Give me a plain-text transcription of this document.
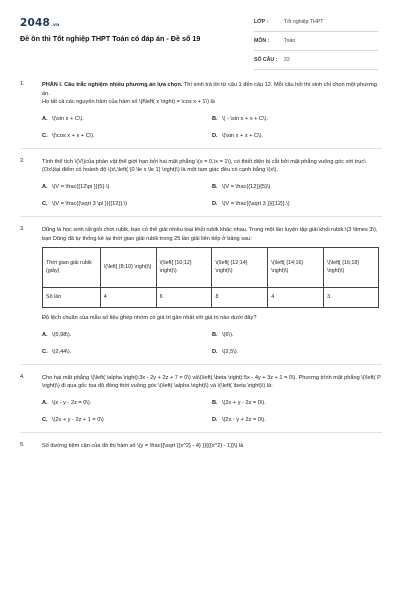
2048.vn
Đề ôn thi Tốt nghiệp THPT Toán có đáp án - Đề số 19
LỚP :	Tốt nghiệp THPT
MÔN :	Toán
SỐ CÂU :	22
1.	PHẦN I. Câu trắc nghiệm nhiều phương án lựa chọn. Thí sinh trả lời từ câu 1 đến câu 12. Mỗi câu hỏi thí sinh chỉ chọn một phương án.
Họ tất cả các nguyên hàm của hàm số \(f\left( x \right) = \cos x + 1\) là
A. \(\sin x + C\).	B. \( - \sin x + x + C\).
C. \(\cos x + x + C\).	D. \(\sin x + x + C\).
2.	Tính thể tích \(V\)của phần vật thể giới hạn bởi hai mặt phẳng \(x = 0,\x = 1\), có thiết diện bị cắt bởi mặt phẳng vuông góc với trục\(Ox\)tại điểm có hoành độ \(x\,\left( {0 \le x \le 1} \right)\) là một tam giác đều có cạnh bằng \(x\).
A. \(V = \frac{{12\pi }}{5}.\)	B. \(V = \frac{{12}}{5}\)
C. \(V = \frac{{\sqrt 3 \pi }}{{12}}.\)	D. \(V = \frac{{\sqrt 3 }}{{12}}.\)
3.	Dũng là học sinh rất giỏi chơi rubik, bạn có thể giải nhiều loại khối rubik khác nhau. Trong một lần luyện tập giải khối rubik \(3 \times 3\), bạn Dũng đã tự thống kê lại thời gian giải rubik trong 25 lần giải liên tiếp ở bảng sau:
Thời gian giải rubik (giây)	\(\left[ {8;10} \right)\)	\(\left[ {10;12} \right)\)	\(\left[ {12;14} \right)\)	\(\left[ {14;16} \right)\)	\(\left[ {16;18} \right)\)
Số lần	4	6	8	4	3
Độ lệch chuẩn của mẫu số liệu ghép nhóm có giá trị gần nhất với giá trị nào dưới đây?
A. \(5,98\).	B. \(6\).
C. \(2,44\).	D. \(2,5\).
4.	Cho hai mặt phẳng \(\left( \alpha \right):3x - 2y + 2z + 7 = 0\) và\(\left( \beta \right):5x - 4y + 3z + 1 = 0\). Phương trình mặt phẳng \(\left( P \right)\) đi qua gốc tọa độ đồng thời vuông góc \(\left( \alpha \right)\) và \(\left( \beta \right)\) là:
A. \(x - y - 2z = 0\).	B. \(2x + y - 2z = 0\).
C. \(2x + y - 2z + 1 = 0\)	D. \(2x - y + 2z = 0\).
5.	Số đường tiệm cận của đồ thị hàm số \(y = \frac{{\sqrt {{x^2} - 4} }}{{{x^2} - 1}}\) là
